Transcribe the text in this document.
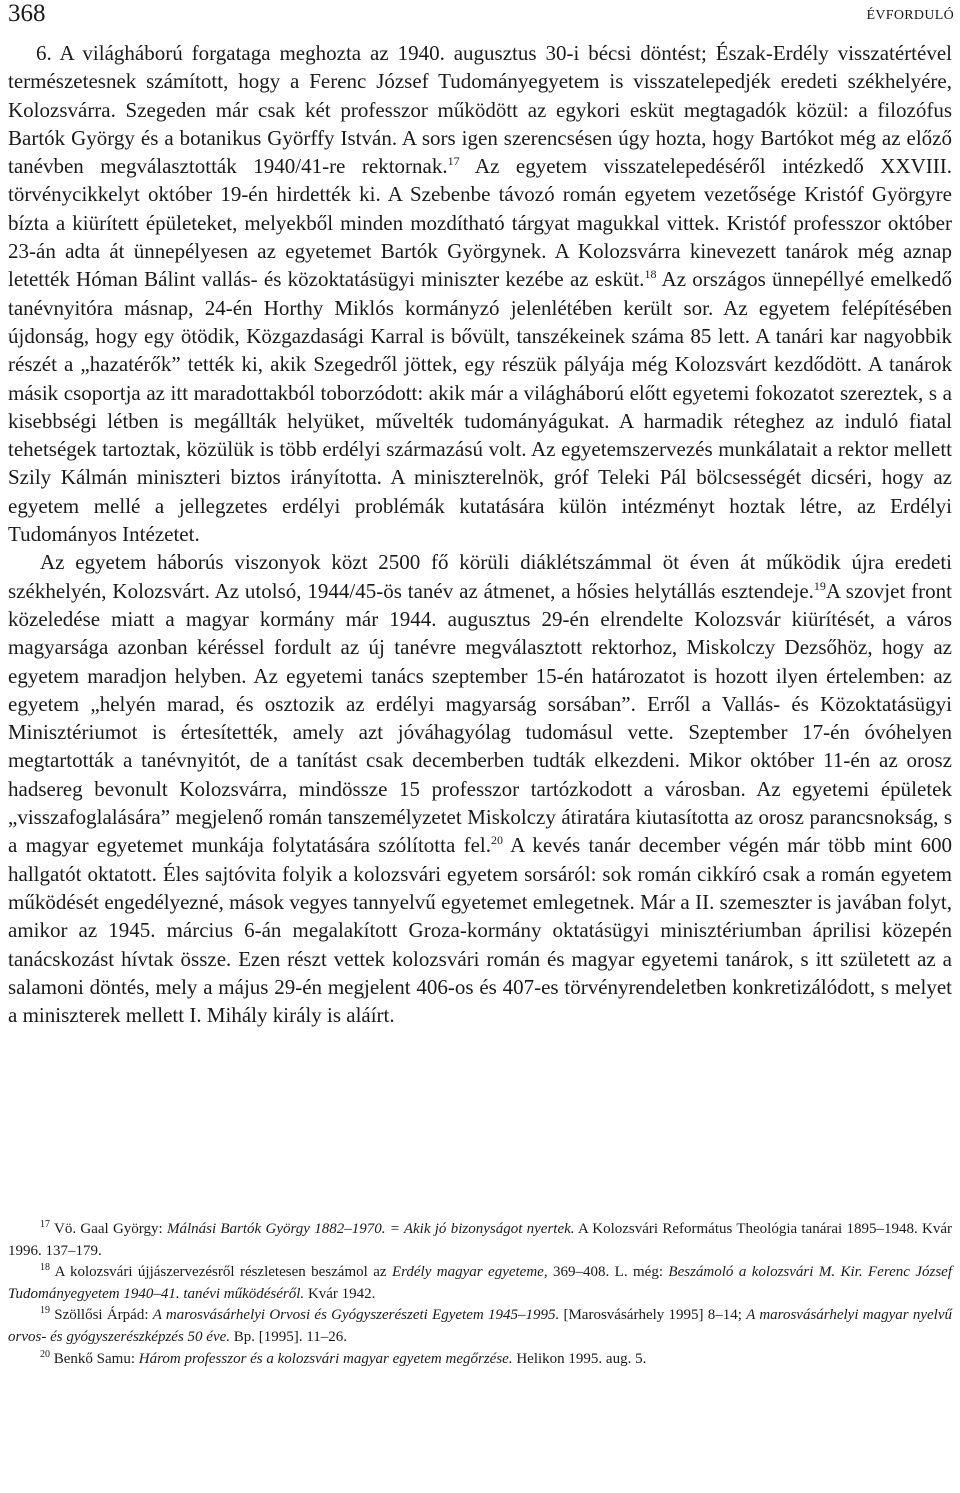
368	ÉVFORDULÓ

6. A világháború forgataga meghozta az 1940. augusztus 30-i bécsi döntést; Észak-Erdély visszatértével természetesnek számított, hogy a Ferenc József Tudományegyetem is visszatelepedjék eredeti székhelyére, Kolozsvárra. Szegeden már csak két professzor működött az egykori esküt megtagadók közül: a filozófus Bartók György és a botanikus Györffy István. A sors igen szerencsésen úgy hozta, hogy Bartókot még az előző tanévben megválasztották 1940/41-re rektornak.$^{17}$ Az egyetem visszatelepedéséről intézkedő XXVIII. törvénycikkelyt október 19-én hirdették ki. A Szebenbe távozó román egyetem vezetősége Kristóf Györgyre bízta a kiürített épületeket, melyekből minden mozdítható tárgyat magukkal vittek. Kristóf professzor október 23-án adta át ünnepélyesen az egyetemet Bartók Györgynek. A Kolozsvárra kinevezett tanárok még aznap letették Hóman Bálint vallás- és közoktatásügyi miniszter kezébe az esküt.$^{18}$ Az országos ünnepéllyé emelkedő tanévnyitóra másnap, 24-én Horthy Miklós kormányzó jelenlétében került sor. Az egyetem felépítésében újdonság, hogy egy ötödik, Közgazdasági Karral is bővült, tanszékeinek száma 85 lett. A tanári kar nagyobbik részét a „hazatérők” tették ki, akik Szegedről jöttek, egy részük pályája még Kolozsvárt kezdődött. A tanárok másik csoportja az itt maradottakból toborzódott: akik már a világháború előtt egyetemi fokozatot szereztek, s a kisebbségi létben is megállták helyüket, művelték tudományágukat. A harmadik réteghez az induló fiatal tehetségek tartoztak, közülük is több erdélyi származású volt. Az egyetemszervezés munkálatait a rektor mellett Szily Kálmán miniszteri biztos irányította. A miniszterelnök, gróf Teleki Pál bölcsességét dicséri, hogy az egyetem mellé a jellegzetes erdélyi problémák kutatására külön intézményt hoztak létre, az Erdélyi Tudományos Intézetet.

Az egyetem háborús viszonyok közt 2500 fő körüli diáklétszámmal öt éven át működik újra eredeti székhelyén, Kolozsvárt. Az utolsó, 1944/45-ös tanév az átmenet, a hősies helytállás esztendeje.$^{19}$A szovjet front közeledése miatt a magyar kormány már 1944. augusztus 29-én elrendelte Kolozsvár kiürítését, a város magyarsága azonban kéréssel fordult az új tanévre megválasztott rektorhoz, Miskolczy Dezsőhöz, hogy az egyetem maradjon helyben. Az egyetemi tanács szeptember 15-én határozatot is hozott ilyen értelemben: az egyetem „helyén marad, és osztozik az erdélyi magyarság sorsában”. Erről a Vallás- és Közoktatásügyi Minisztériumot is értesítették, amely azt jóváhagyólag tudomásul vette. Szeptember 17-én óvóhelyen megtartották a tanévnyitót, de a tanítást csak decemberben tudták elkezdeni. Mikor október 11-én az orosz hadsereg bevonult Kolozsvárra, mindössze 15 professzor tartózkodott a városban. Az egyetemi épületek „visszafoglalására” megjelenő román tanszemélyzetet Miskolczy átiratára kiutasította az orosz parancsnokság, s a magyar egyetemet munkája folytatására szólította fel.$^{20}$ A kevés tanár december végén már több mint 600 hallgatót oktatott. Éles sajtóvita folyik a kolozsvári egyetem sorsáról: sok román cikkíró csak a román egyetem működését engedélyezné, mások vegyes tannyelvű egyetemet emlegetnek. Már a II. szemeszter is javában folyt, amikor az 1945. március 6-án megalakított Groza-kormány oktatásügyi minisztériumban áprilisi közepén tanácskozást hívtak össze. Ezen részt vettek kolozsvári román és magyar egyetemi tanárok, s itt született az a salamoni döntés, mely a május 29-én megjelent 406-os és 407-es törvényrendeletben konkretizálódott, s melyet a miniszterek mellett I. Mihály király is aláírt.

$^{17}$ Vö. Gaal György: Málnási Bartók György 1882–1970. = Akik jó bizonyságot nyertek. A Kolozsvári Református Theológia tanárai 1895–1948. Kvár 1996. 137–179.

$^{18}$ A kolozsvári újjászervezésről részletesen beszámol az Erdély magyar egyeteme, 369–408. L. még: Beszámoló a kolozsvári M. Kir. Ferenc József Tudományegyetem 1940–41. tanévi működéséről. Kvár 1942.

$^{19}$ Szöllősi Árpád: A marosvásárhelyi Orvosi és Gyógyszerészeti Egyetem 1945–1995. [Marosvásárhely 1995] 8–14; A marosvásárhelyi magyar nyelvű orvos- és gyógyszerészképzés 50 éve. Bp. [1995]. 11–26.

$^{20}$ Benkő Samu: Három professzor és a kolozsvári magyar egyetem megőrzése. Helikon 1995. aug. 5.
